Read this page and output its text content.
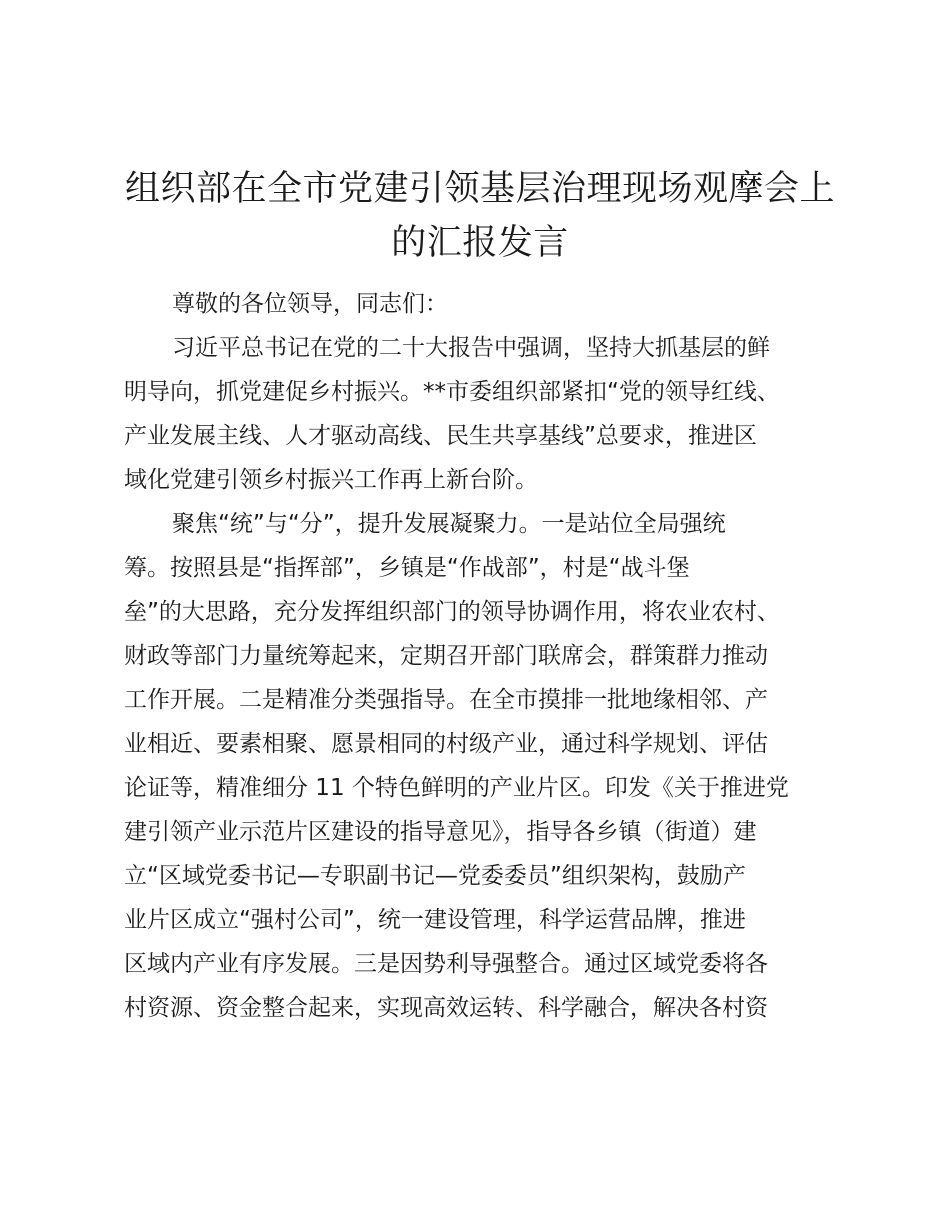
组织部在全市党建引领基层治理现场观摩会上
的汇报发言
尊敬的各位领导，同志们：
习近平总书记在党的二十大报告中强调，坚持大抓基层的鲜
明导向，抓党建促乡村振兴。**市委组织部紧扣“党的领导红线、
产业发展主线、人才驱动高线、民生共享基线”总要求，推进区
域化党建引领乡村振兴工作再上新台阶。
聚焦“统”与“分”，提升发展凝聚力。一是站位全局强统
筹。按照县是“指挥部”，乡镇是“作战部”，村是“战斗堡
垒”的大思路，充分发挥组织部门的领导协调作用，将农业农村、
财政等部门力量统筹起来，定期召开部门联席会，群策群力推动
工作开展。二是精准分类强指导。在全市摸排一批地缘相邻、产
业相近、要素相聚、愿景相同的村级产业，通过科学规划、评估
论证等，精准细分 11 个特色鲜明的产业片区。印发《关于推进党
建引领产业示范片区建设的指导意见》，指导各乡镇（街道）建
立“区域党委书记—专职副书记—党委委员”组织架构，鼓励产
业片区成立“强村公司”，统一建设管理，科学运营品牌，推进
区域内产业有序发展。三是因势利导强整合。通过区域党委将各
村资源、资金整合起来，实现高效运转、科学融合，解决各村资
